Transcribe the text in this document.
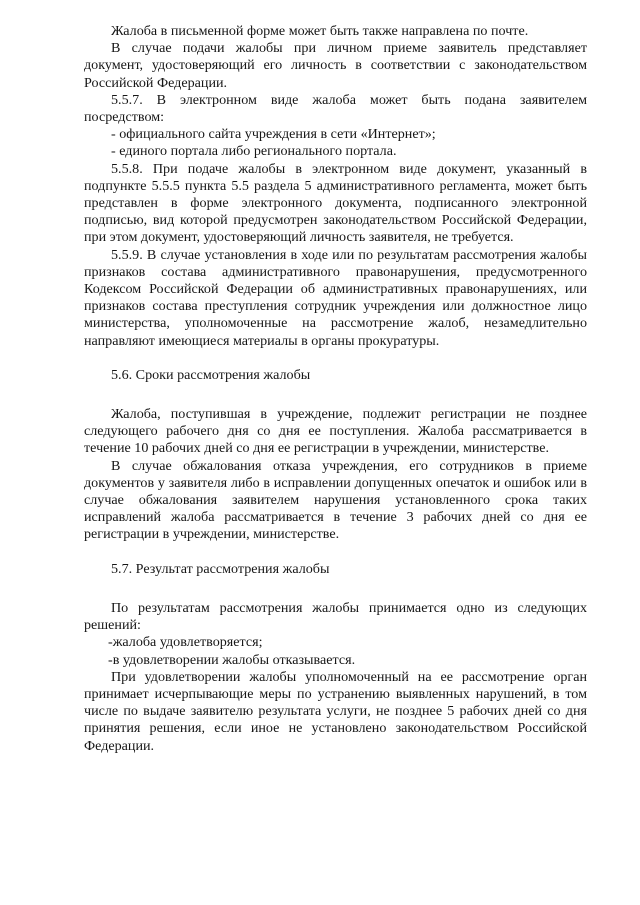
Жалоба в письменной форме может быть также направлена по почте.

В случае подачи жалобы при личном приеме заявитель представляет документ, удостоверяющий его личность в соответствии с законодательством Российской Федерации.

5.5.7. В электронном виде жалоба может быть подана заявителем посредством:

- официального сайта учреждения в сети «Интернет»;

- единого портала либо регионального портала.

5.5.8. При подаче жалобы в электронном виде документ, указанный в подпункте 5.5.5 пункта 5.5 раздела 5 административного регламента, может быть представлен в форме электронного документа, подписанного электронной подписью, вид которой предусмотрен законодательством Российской Федерации, при этом документ, удостоверяющий личность заявителя, не требуется.

5.5.9. В случае установления в ходе или по результатам рассмотрения жалобы признаков состава административного правонарушения, предусмотренного Кодексом Российской Федерации об административных правонарушениях, или признаков состава преступления сотрудник учреждения или должностное лицо министерства, уполномоченные на рассмотрение жалоб, незамедлительно направляют имеющиеся материалы в органы прокуратуры.

5.6. Сроки рассмотрения жалобы

Жалоба, поступившая в учреждение, подлежит регистрации не позднее следующего рабочего дня со дня ее поступления. Жалоба рассматривается в течение 10 рабочих дней со дня ее регистрации в учреждении, министерстве.

В случае обжалования отказа учреждения, его сотрудников в приеме документов у заявителя либо в исправлении допущенных опечаток и ошибок или в случае обжалования заявителем нарушения установленного срока таких исправлений жалоба рассматривается в течение 3 рабочих дней со дня ее регистрации в учреждении, министерстве.

5.7. Результат рассмотрения жалобы

По результатам рассмотрения жалобы принимается одно из следующих решений:

-жалоба удовлетворяется;

-в удовлетворении жалобы отказывается.

При удовлетворении жалобы уполномоченный на ее рассмотрение орган принимает исчерпывающие меры по устранению выявленных нарушений, в том числе по выдаче заявителю результата услуги, не позднее 5 рабочих дней со дня принятия решения, если иное не установлено законодательством Российской Федерации.
